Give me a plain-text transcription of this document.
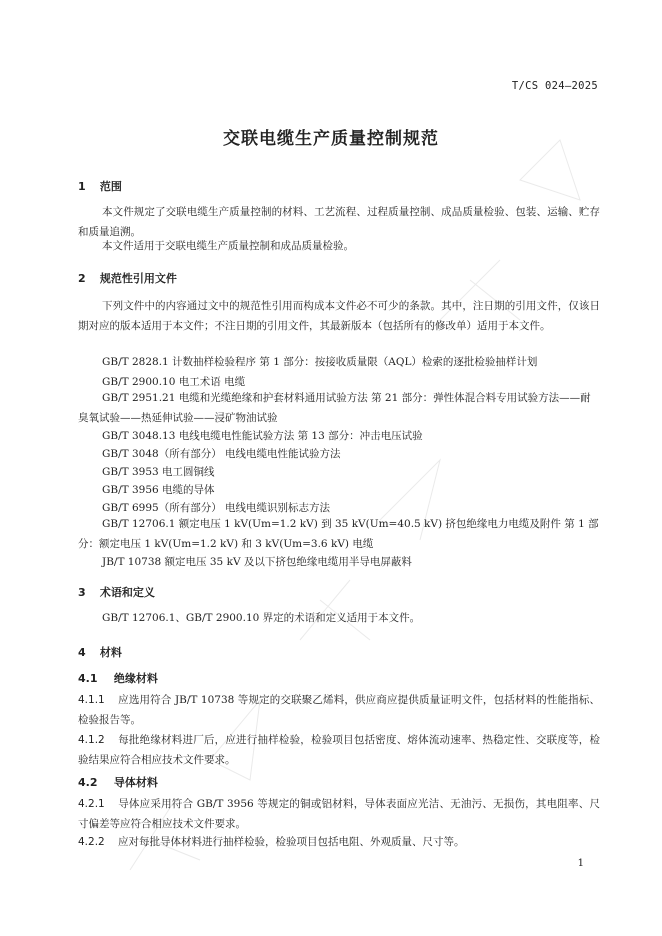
T/CS 024—2025
交联电缆生产质量控制规范
1 范围
本文件规定了交联电缆生产质量控制的材料、工艺流程、过程质量控制、成品质量检验、包装、运输、贮存和质量追溯。
本文件适用于交联电缆生产质量控制和成品质量检验。
2 规范性引用文件
下列文件中的内容通过文中的规范性引用而构成本文件必不可少的条款。其中，注日期的引用文件，仅该日期对应的版本适用于本文件；不注日期的引用文件，其最新版本（包括所有的修改单）适用于本文件。
GB/T 2828.1 计数抽样检验程序 第 1 部分：按接收质量限（AQL）检索的逐批检验抽样计划
GB/T 2900.10 电工术语 电缆
GB/T 2951.21 电缆和光缆绝缘和护套材料通用试验方法 第 21 部分：弹性体混合料专用试验方法——耐臭氧试验——热延伸试验——浸矿物油试验
GB/T 3048.13 电线电缆电性能试验方法 第 13 部分：冲击电压试验
GB/T 3048（所有部分） 电线电缆电性能试验方法
GB/T 3953 电工圆铜线
GB/T 3956 电缆的导体
GB/T 6995（所有部分） 电线电缆识别标志方法
GB/T 12706.1 额定电压 1 kV(Um=1.2 kV) 到 35 kV(Um=40.5 kV) 挤包绝缘电力电缆及附件 第 1 部分：额定电压 1 kV(Um=1.2 kV) 和 3 kV(Um=3.6 kV) 电缆
JB/T 10738 额定电压 35 kV 及以下挤包绝缘电缆用半导电屏蔽料
3 术语和定义
GB/T 12706.1、GB/T 2900.10 界定的术语和定义适用于本文件。
4 材料
4.1 绝缘材料
4.1.1 应选用符合 JB/T 10738 等规定的交联聚乙烯料，供应商应提供质量证明文件，包括材料的性能指标、检验报告等。
4.1.2 每批绝缘材料进厂后，应进行抽样检验，检验项目包括密度、熔体流动速率、热稳定性、交联度等，检验结果应符合相应技术文件要求。
4.2 导体材料
4.2.1 导体应采用符合 GB/T 3956 等规定的铜或铝材料，导体表面应光洁、无油污、无损伤，其电阻率、尺寸偏差等应符合相应技术文件要求。
4.2.2 应对每批导体材料进行抽样检验，检验项目包括电阻、外观质量、尺寸等。
1
